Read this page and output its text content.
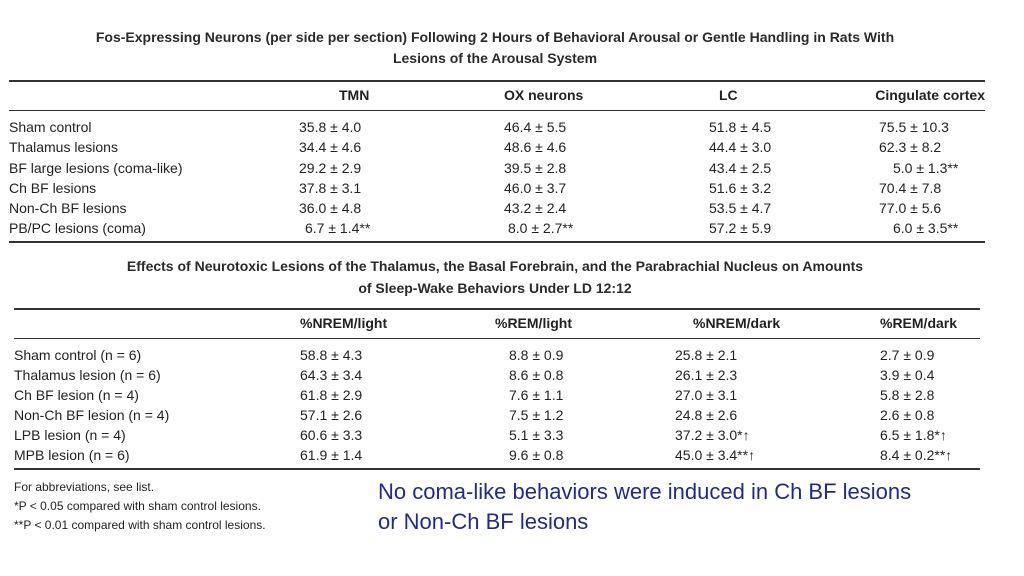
Fos-Expressing Neurons (per side per section) Following 2 Hours of Behavioral Arousal or Gentle Handling in Rats With
Lesions of the Arousal System
	TMN	OX neurons	LC	Cingulate cortex

Sham control	35.8 ± 4.0	46.4 ± 5.5	51.8 ± 4.5	75.5 ± 10.3
Thalamus lesions	34.4 ± 4.6	48.6 ± 4.6	44.4 ± 3.0	62.3 ± 8.2
BF large lesions (coma-like)	29.2 ± 2.9	39.5 ± 2.8	43.4 ± 2.5	5.0 ± 1.3**
Ch BF lesions	37.8 ± 3.1	46.0 ± 3.7	51.6 ± 3.2	70.4 ± 7.8
Non-Ch BF lesions	36.0 ± 4.8	43.2 ± 2.4	53.5 ± 4.7	77.0 ± 5.6
PB/PC lesions (coma)	6.7 ± 1.4**	8.0 ± 2.7**	57.2 ± 5.9	6.0 ± 3.5**
Effects of Neurotoxic Lesions of the Thalamus, the Basal Forebrain, and the Parabrachial Nucleus on Amounts
of Sleep-Wake Behaviors Under LD 12:12
	%NREM/light	%REM/light	%NREM/dark	%REM/dark

Sham control (n = 6)	58.8 ± 4.3	8.8 ± 0.9	25.8 ± 2.1	2.7 ± 0.9
Thalamus lesion (n = 6)	64.3 ± 3.4	8.6 ± 0.8	26.1 ± 2.3	3.9 ± 0.4
Ch BF lesion (n = 4)	61.8 ± 2.9	7.6 ± 1.1	27.0 ± 3.1	5.8 ± 2.8
Non-Ch BF lesion (n = 4)	57.1 ± 2.6	7.5 ± 1.2	24.8 ± 2.6	2.6 ± 0.8
LPB lesion (n = 4)	60.6 ± 3.3	5.1 ± 3.3	37.2 ± 3.0*↑	6.5 ± 1.8*↑
MPB lesion (n = 6)	61.9 ± 1.4	9.6 ± 0.8	45.0 ± 3.4**↑	8.4 ± 0.2**↑
For abbreviations, see list.
*P < 0.05 compared with sham control lesions.
**P < 0.01 compared with sham control lesions.
No coma-like behaviors were induced in Ch BF lesions
or Non-Ch BF lesions
